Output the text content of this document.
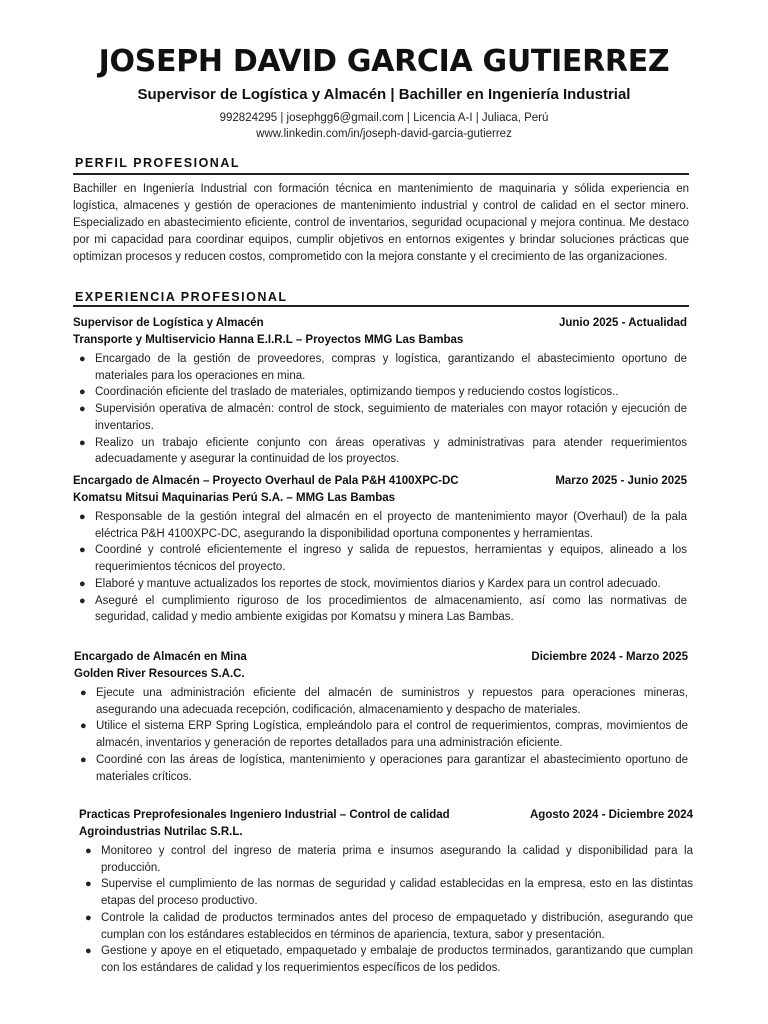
JOSEPH DAVID GARCIA GUTIERREZ
Supervisor de Logística y Almacén | Bachiller en Ingeniería Industrial
992824295 | josephgg6@gmail.com | Licencia A-I | Juliaca, Perú
www.linkedin.com/in/joseph-david-garcia-gutierrez
PERFIL PROFESIONAL

Bachiller en Ingeniería Industrial con formación técnica en mantenimiento de maquinaria y sólida experiencia en logística, almacenes y gestión de operaciones de mantenimiento industrial y control de calidad en el sector minero. Especializado en abastecimiento eficiente, control de inventarios, seguridad ocupacional y mejora continua. Me destaco por mi capacidad para coordinar equipos, cumplir objetivos en entornos exigentes y brindar soluciones prácticas que optimizan procesos y reducen costos, comprometido con la mejora constante y el crecimiento de las organizaciones.

EXPERIENCIA PROFESIONAL
Supervisor de Logística y Almacén	Junio 2025 - Actualidad
Transporte y Multiservicio Hanna E.I.R.L – Proyectos MMG Las Bambas
● Encargado de la gestión de proveedores, compras y logística, garantizando el abastecimiento oportuno de materiales para los operaciones en mina.
● Coordinación eficiente del traslado de materiales, optimizando tiempos y reduciendo costos logísticos..
● Supervisión operativa de almacén: control de stock, seguimiento de materiales con mayor rotación y ejecución de inventarios.
● Realizo un trabajo eficiente conjunto con áreas operativas y administrativas para atender requerimientos adecuadamente y asegurar la continuidad de los proyectos.
Encargado de Almacén – Proyecto Overhaul de Pala P&H 4100XPC-DC	Marzo 2025 - Junio 2025
Komatsu Mitsui Maquinarias Perú S.A. – MMG Las Bambas
● Responsable de la gestión integral del almacén en el proyecto de mantenimiento mayor (Overhaul) de la pala eléctrica P&H 4100XPC-DC, asegurando la disponibilidad oportuna componentes y herramientas.
● Coordiné y controlé eficientemente el ingreso y salida de repuestos, herramientas y equipos, alineado a los requerimientos técnicos del proyecto.
● Elaboré y mantuve actualizados los reportes de stock, movimientos diarios y Kardex para un control adecuado.
● Aseguré el cumplimiento riguroso de los procedimientos de almacenamiento, así como las normativas de seguridad, calidad y medio ambiente exigidas por Komatsu y minera Las Bambas.
Encargado de Almacén en Mina	Diciembre 2024 - Marzo 2025
Golden River Resources S.A.C.
● Ejecute una administración eficiente del almacén de suministros y repuestos para operaciones mineras, asegurando una adecuada recepción, codificación, almacenamiento y despacho de materiales.
● Utilice el sistema ERP Spring Logística, empleándolo para el control de requerimientos, compras, movimientos de almacén, inventarios y generación de reportes detallados para una administración eficiente.
● Coordiné con las áreas de logística, mantenimiento y operaciones para garantizar el abastecimiento oportuno de materiales críticos.
Practicas Preprofesionales Ingeniero Industrial – Control de calidad	Agosto 2024 - Diciembre 2024
Agroindustrias Nutrilac S.R.L.
● Monitoreo y control del ingreso de materia prima e insumos asegurando la calidad y disponibilidad para la producción.
● Supervise el cumplimiento de las normas de seguridad y calidad establecidas en la empresa, esto en las distintas etapas del proceso productivo.
● Controle la calidad de productos terminados antes del proceso de empaquetado y distribución, asegurando que cumplan con los estándares establecidos en términos de apariencia, textura, sabor y presentación.
● Gestione y apoye en el etiquetado, empaquetado y embalaje de productos terminados, garantizando que cumplan con los estándares de calidad y los requerimientos específicos de los pedidos.
